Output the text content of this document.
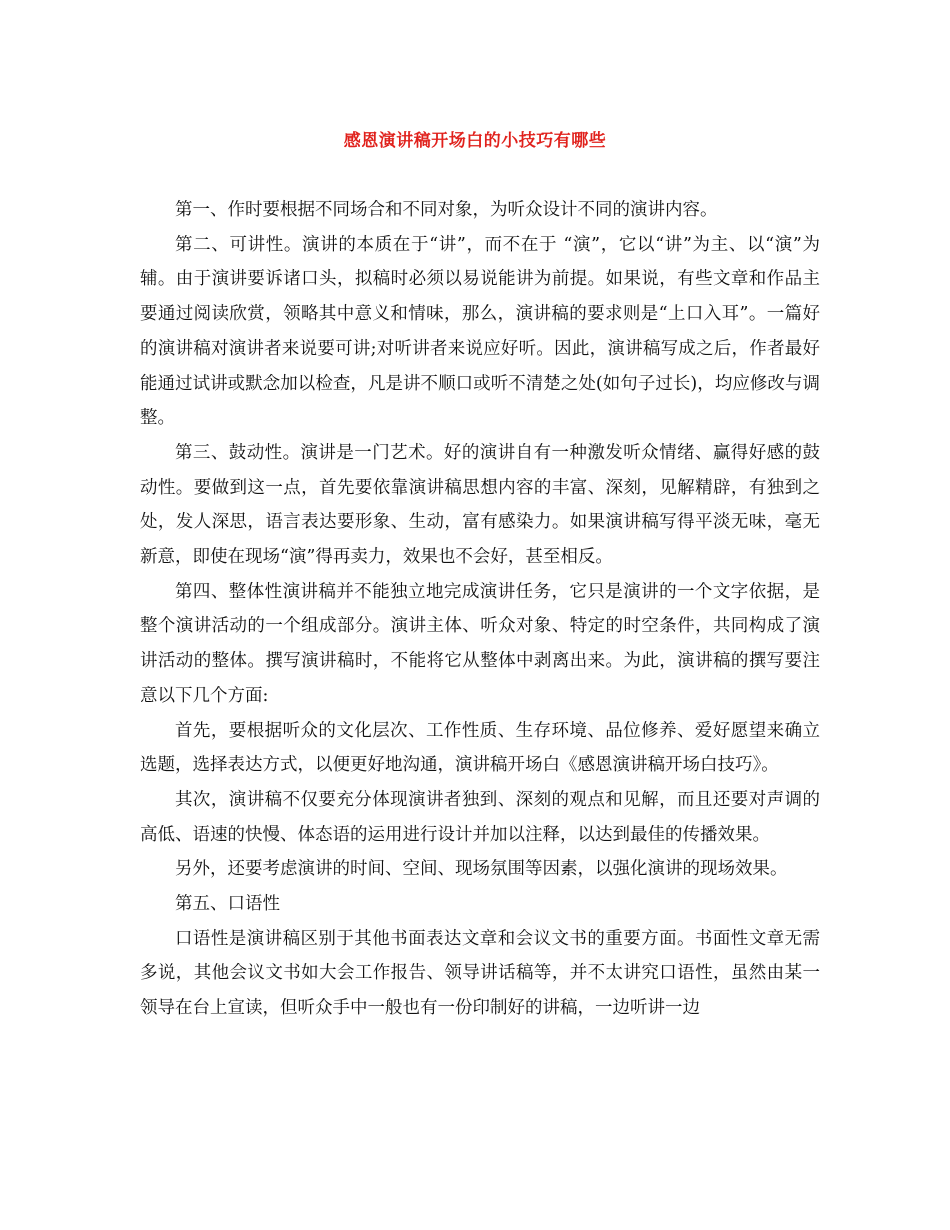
感恩演讲稿开场白的小技巧有哪些

第一、作时要根据不同场合和不同对象，为听众设计不同的演讲内容。

第二、可讲性。演讲的本质在于“讲”，而不在于 “演”，它以“讲”为主、以“演”为辅。由于演讲要诉诸口头，拟稿时必须以易说能讲为前提。如果说，有些文章和作品主要通过阅读欣赏，领略其中意义和情味，那么，演讲稿的要求则是“上口入耳”。一篇好的演讲稿对演讲者来说要可讲;对听讲者来说应好听。因此，演讲稿写成之后，作者最好能通过试讲或默念加以检查，凡是讲不顺口或听不清楚之处(如句子过长)，均应修改与调整。

第三、鼓动性。演讲是一门艺术。好的演讲自有一种激发听众情绪、赢得好感的鼓动性。要做到这一点，首先要依靠演讲稿思想内容的丰富、深刻，见解精辟，有独到之处，发人深思，语言表达要形象、生动，富有感染力。如果演讲稿写得平淡无味，毫无新意，即使在现场“演”得再卖力，效果也不会好，甚至相反。

第四、整体性演讲稿并不能独立地完成演讲任务，它只是演讲的一个文字依据，是整个演讲活动的一个组成部分。演讲主体、听众对象、特定的时空条件，共同构成了演讲活动的整体。撰写演讲稿时，不能将它从整体中剥离出来。为此，演讲稿的撰写要注意以下几个方面:

首先，要根据听众的文化层次、工作性质、生存环境、品位修养、爱好愿望来确立选题，选择表达方式，以便更好地沟通，演讲稿开场白《感恩演讲稿开场白技巧》。

其次，演讲稿不仅要充分体现演讲者独到、深刻的观点和见解，而且还要对声调的高低、语速的快慢、体态语的运用进行设计并加以注释，以达到最佳的传播效果。

另外，还要考虑演讲的时间、空间、现场氛围等因素，以强化演讲的现场效果。

第五、口语性

口语性是演讲稿区别于其他书面表达文章和会议文书的重要方面。书面性文章无需多说，其他会议文书如大会工作报告、领导讲话稿等，并不太讲究口语性，虽然由某一领导在台上宣读，但听众手中一般也有一份印制好的讲稿，一边听讲一边
